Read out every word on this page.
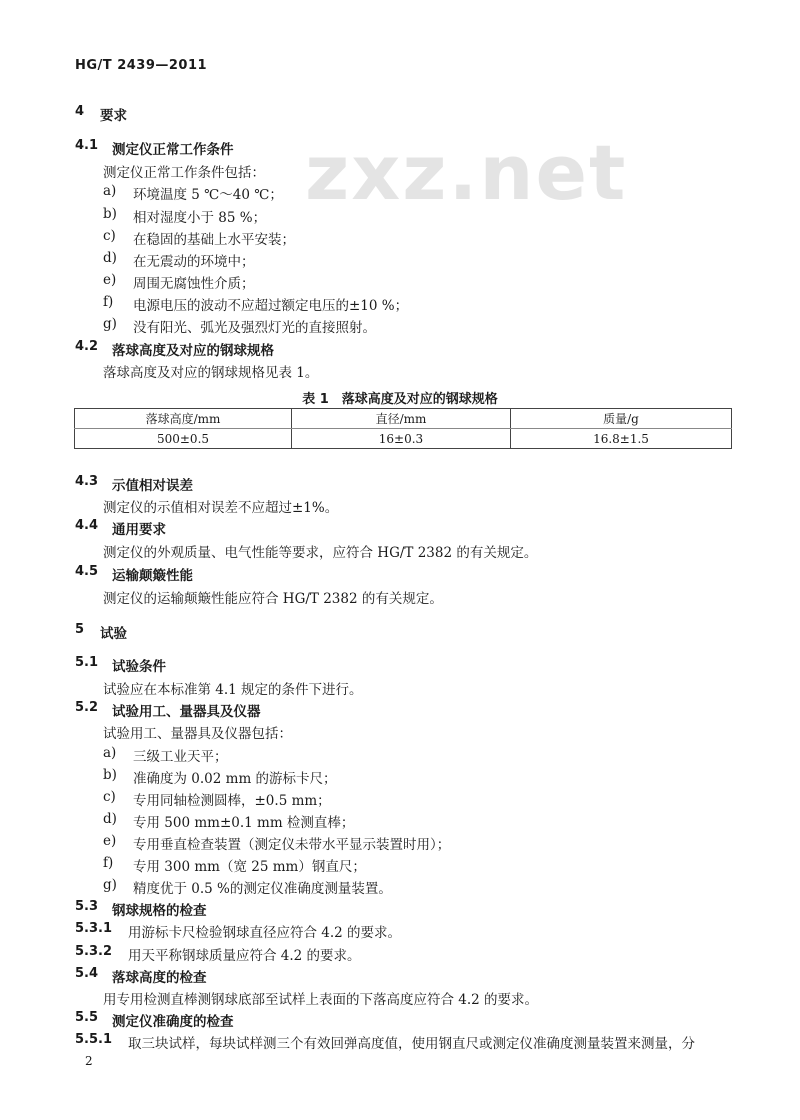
HG/T 2439—2011
zxz.net
4 要求
4.1 测定仪正常工作条件
测定仪正常工作条件包括：
a) 环境温度 5 ℃～40 ℃；
b) 相对湿度小于 85 %；
c) 在稳固的基础上水平安装；
d) 在无震动的环境中；
e) 周围无腐蚀性介质；
f) 电源电压的波动不应超过额定电压的±10 %；
g) 没有阳光、弧光及强烈灯光的直接照射。
4.2 落球高度及对应的钢球规格
落球高度及对应的钢球规格见表 1。
表 1　落球高度及对应的钢球规格
落球高度/mm	直径/mm	质量/g
500±0.5	16±0.3	16.8±1.5
4.3 示值相对误差
测定仪的示值相对误差不应超过±1%。
4.4 通用要求
测定仪的外观质量、电气性能等要求，应符合 HG/T 2382 的有关规定。
4.5 运输颠簸性能
测定仪的运输颠簸性能应符合 HG/T 2382 的有关规定。
5 试验
5.1 试验条件
试验应在本标准第 4.1 规定的条件下进行。
5.2 试验用工、量器具及仪器
试验用工、量器具及仪器包括：
a) 三级工业天平；
b) 准确度为 0.02 mm 的游标卡尺；
c) 专用同轴检测圆棒，±0.5 mm；
d) 专用 500 mm±0.1 mm 检测直棒；
e) 专用垂直检查装置（测定仪未带水平显示装置时用）；
f) 专用 300 mm（宽 25 mm）钢直尺；
g) 精度优于 0.5 %的测定仪准确度测量装置。
5.3 钢球规格的检查
5.3.1 用游标卡尺检验钢球直径应符合 4.2 的要求。
5.3.2 用天平称钢球质量应符合 4.2 的要求。
5.4 落球高度的检查
用专用检测直棒测钢球底部至试样上表面的下落高度应符合 4.2 的要求。
5.5 测定仪准确度的检查
5.5.1 取三块试样，每块试样测三个有效回弹高度值，使用钢直尺或测定仪准确度测量装置来测量，分
2
